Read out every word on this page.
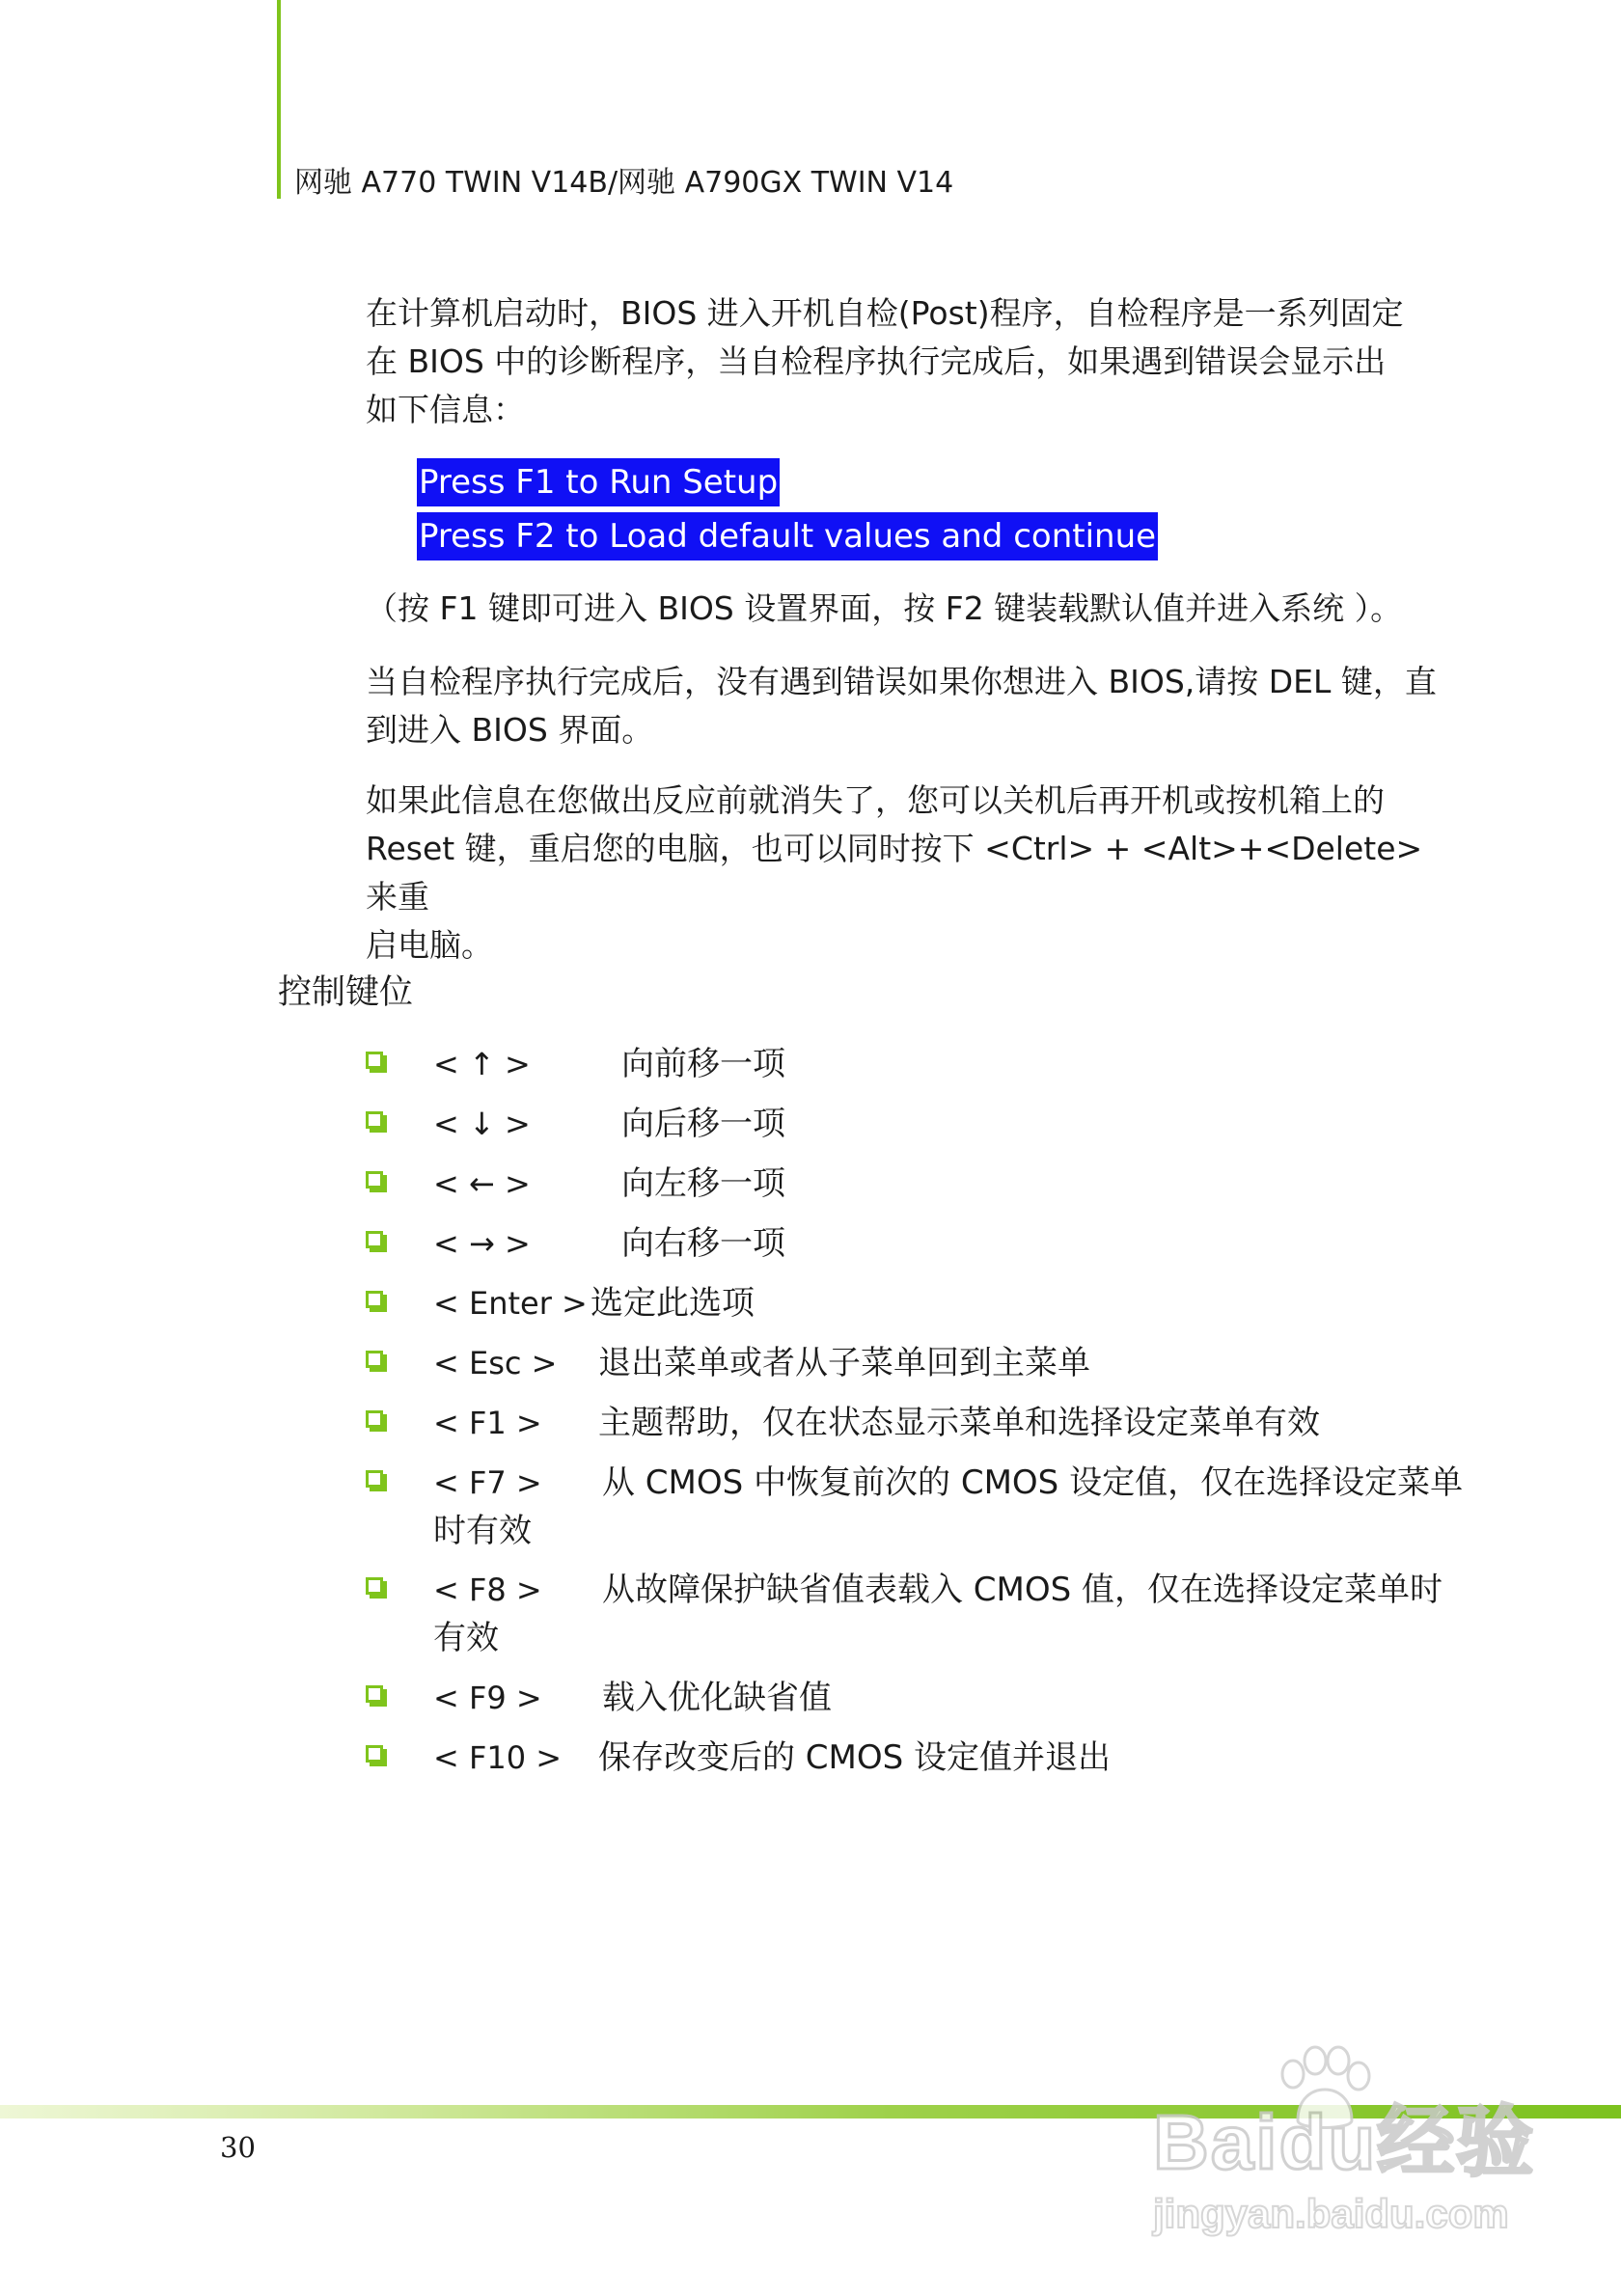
网驰 A770 TWIN V14B/网驰 A790GX TWIN V14
在计算机启动时，BIOS 进入开机自检(Post)程序，自检程序是一系列固定
在 BIOS 中的诊断程序，当自检程序执行完成后，如果遇到错误会显示出
如下信息：
Press F1 to Run Setup
Press F2 to Load default values and continue
（按 F1 键即可进入 BIOS 设置界面，按 F2 键装载默认值并进入系统 ）。
当自检程序执行完成后，没有遇到错误如果你想进入 BIOS,请按 DEL 键，直
到进入 BIOS 界面。
如果此信息在您做出反应前就消失了，您可以关机后再开机或按机箱上的
Reset 键，重启您的电脑，也可以同时按下 <Ctrl> + <Alt>+<Delete> 来重
启电脑。
控制键位
< ↑ >	向前移一项
< ↓ >	向后移一项
< ← >	向左移一项
< → >	向右移一项
< Enter > 选定此选项
< Esc > 退出菜单或者从子菜单回到主菜单
< F1 > 主题帮助，仅在状态显示菜单和选择设定菜单有效
< F7 > 从 CMOS 中恢复前次的 CMOS 设定值，仅在选择设定菜单
时有效
< F8 > 从故障保护缺省值表载入 CMOS 值，仅在选择设定菜单时
有效
< F9 > 载入优化缺省值
< F10 > 保存改变后的 CMOS 设定值并退出
30	Baidu经验
jingyan.baidu.com
